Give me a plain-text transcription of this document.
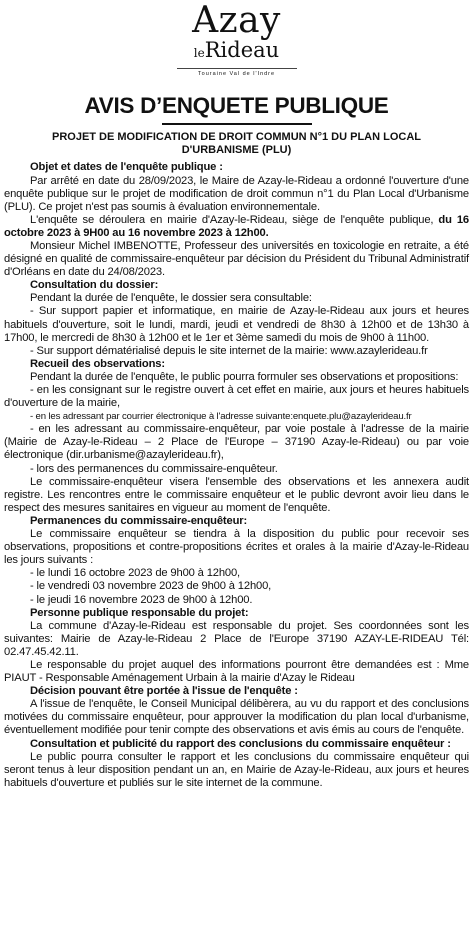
Azay
leRideau
Touraine Val de l'Indre
AVIS D’ENQUETE PUBLIQUE
PROJET DE MODIFICATION DE DROIT COMMUN N°1 DU PLAN LOCAL D'URBANISME (PLU)

Objet et dates de l'enquête publique :

Par arrêté en date du 28/09/2023, le Maire de Azay-le-Rideau a ordonné l'ouverture d'une enquête publique sur le projet de modification de droit commun n°1 du Plan Local d'Urbanisme (PLU). Ce projet n'est pas soumis à évaluation environnementale.

L'enquête se déroulera en mairie d'Azay-le-Rideau, siège de l'enquête publique, du 16 octobre 2023 à 9H00 au 16 novembre 2023 à 12h00.

Monsieur Michel IMBENOTTE, Professeur des universités en toxicologie en retraite, a été désigné en qualité de commissaire-enquêteur par décision du Président du Tribunal Administratif d'Orléans en date du 24/08/2023.

Consultation du dossier:

Pendant la durée de l'enquête, le dossier sera consultable:

- Sur support papier et informatique, en mairie de Azay-le-Rideau aux jours et heures habituels d'ouverture, soit le lundi, mardi, jeudi et vendredi de 8h30 à 12h00 et de 13h30 à 17h00, le mercredi de 8h30 à 12h00 et le 1er et 3ème samedi du mois de 9h00 à 11h00.

- Sur support dématérialisé depuis le site internet de la mairie: www.azaylerideau.fr

Recueil des observations:

Pendant la durée de l'enquête, le public pourra formuler ses observations et propositions:

- en les consignant sur le registre ouvert à cet effet en mairie, aux jours et heures habituels d'ouverture de la mairie,

- en les adressant par courrier électronique à l'adresse suivante:enquete.plu@azaylerideau.fr

- en les adressant au commissaire-enquêteur, par voie postale à l'adresse de la mairie (Mairie de Azay-le-Rideau – 2 Place de l'Europe – 37190 Azay-le-Rideau) ou par voie électronique (dir.urbanisme@azaylerideau.fr),

- lors des permanences du commissaire-enquêteur.

Le commissaire-enquêteur visera l'ensemble des observations et les annexera audit registre. Les rencontres entre le commissaire enquêteur et le public devront avoir lieu dans le respect des mesures sanitaires en vigueur au moment de l'enquête.

Permanences du commissaire-enquêteur:

Le commissaire enquêteur se tiendra à la disposition du public pour recevoir ses observations, propositions et contre-propositions écrites et orales à la mairie d'Azay-le-Rideau les jours suivants :

- le lundi 16 octobre 2023 de 9h00 à 12h00,

- le vendredi 03 novembre 2023 de 9h00 à 12h00,

- le jeudi 16 novembre 2023 de 9h00 à 12h00.

Personne publique responsable du projet:

La commune d'Azay-le-Rideau est responsable du projet. Ses coordonnées sont les suivantes: Mairie de Azay-le-Rideau 2 Place de l'Europe 37190 AZAY-LE-RIDEAU Tél: 02.47.45.42.11.

Le responsable du projet auquel des informations pourront être demandées est : Mme PIAUT - Responsable Aménagement Urbain à la mairie d'Azay le Rideau

Décision pouvant être portée à l'issue de l'enquête :

A l'issue de l'enquête, le Conseil Municipal délibèrera, au vu du rapport et des conclusions motivées du commissaire enquêteur, pour approuver la modification du plan local d'urbanisme, éventuellement modifiée pour tenir compte des observations et avis émis au cours de l'enquête.

Consultation et publicité du rapport des conclusions du commissaire enquêteur :

Le public pourra consulter le rapport et les conclusions du commissaire enquêteur qui seront tenus à leur disposition pendant un an, en Mairie de Azay-le-Rideau, aux jours et heures habituels d'ouverture et publiés sur le site internet de la commune.
